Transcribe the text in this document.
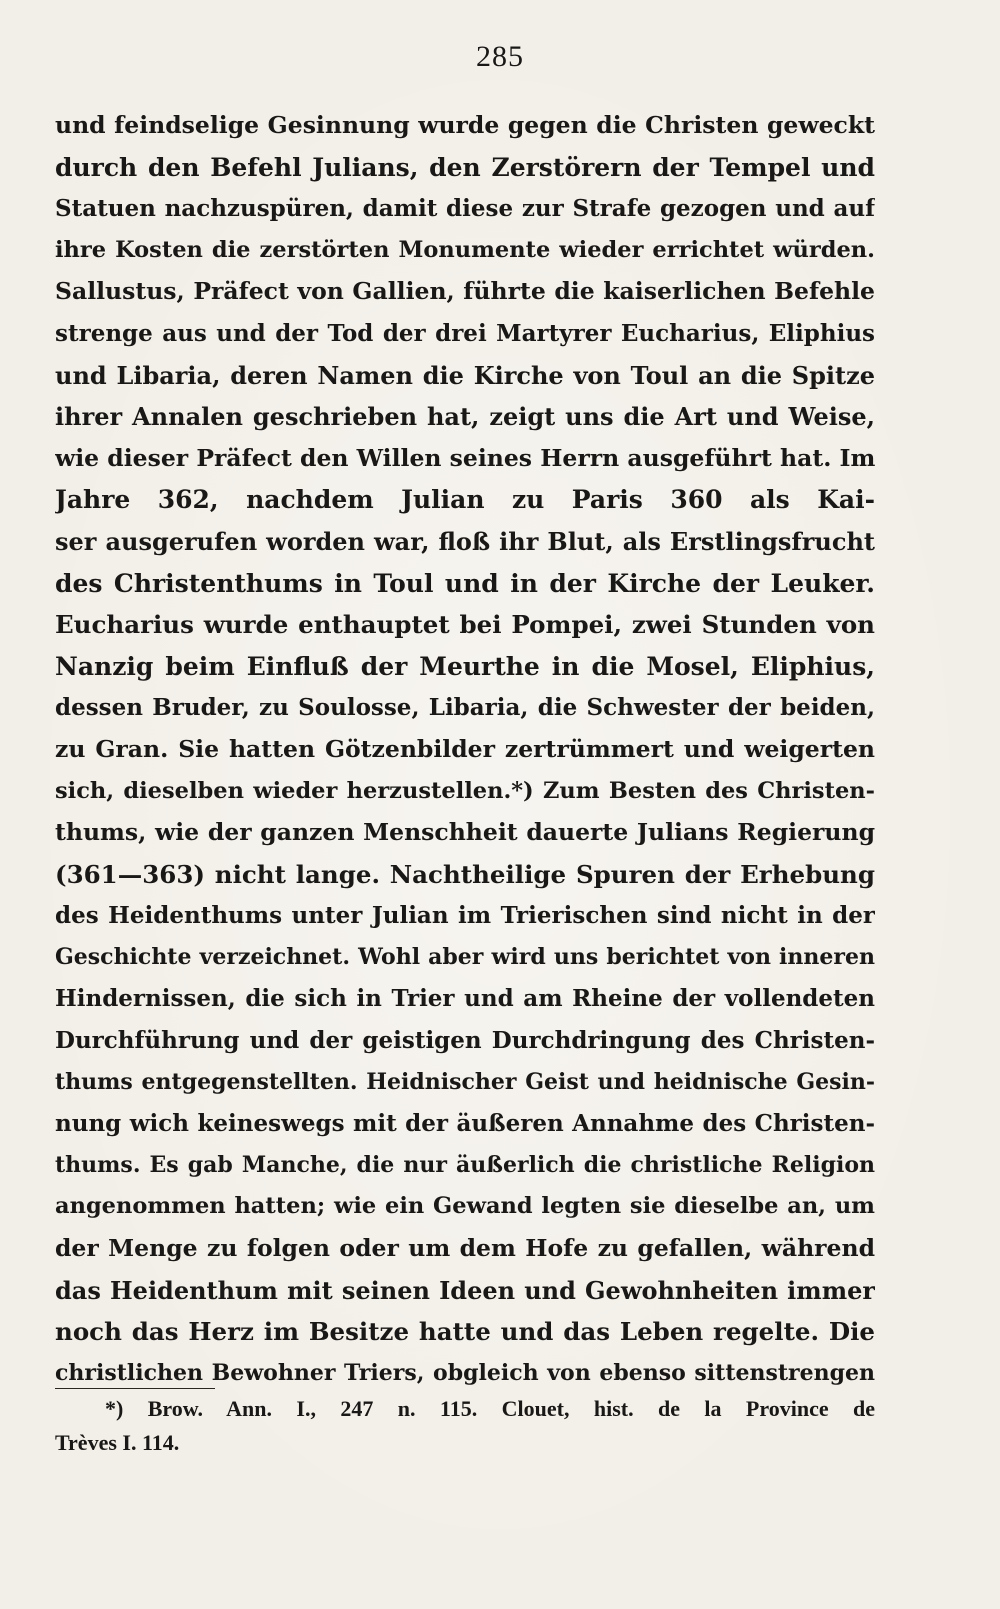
285
und feindselige Gesinnung wurde gegen die Christen geweckt
durch den Befehl Julians, den Zerstörern der Tempel und
Statuen nachzuspüren, damit diese zur Strafe gezogen und auf
ihre Kosten die zerstörten Monumente wieder errichtet würden.
Sallustus, Präfect von Gallien, führte die kaiserlichen Befehle
strenge aus und der Tod der drei Martyrer Eucharius, Eliphius
und Libaria, deren Namen die Kirche von Toul an die Spitze
ihrer Annalen geschrieben hat, zeigt uns die Art und Weise,
wie dieser Präfect den Willen seines Herrn ausgeführt hat. Im
Jahre 362, nachdem Julian zu Paris 360 als Kai-
ser ausgerufen worden war, floß ihr Blut, als Erstlingsfrucht
des Christenthums in Toul und in der Kirche der Leuker.
Eucharius wurde enthauptet bei Pompei, zwei Stunden von
Nanzig beim Einfluß der Meurthe in die Mosel, Eliphius,
dessen Bruder, zu Soulosse, Libaria, die Schwester der beiden,
zu Gran. Sie hatten Götzenbilder zertrümmert und weigerten
sich, dieselben wieder herzustellen.*) Zum Besten des Christen-
thums, wie der ganzen Menschheit dauerte Julians Regierung
(361—363) nicht lange. Nachtheilige Spuren der Erhebung
des Heidenthums unter Julian im Trierischen sind nicht in der
Geschichte verzeichnet. Wohl aber wird uns berichtet von inneren
Hindernissen, die sich in Trier und am Rheine der vollendeten
Durchführung und der geistigen Durchdringung des Christen-
thums entgegenstellten. Heidnischer Geist und heidnische Gesin-
nung wich keineswegs mit der äußeren Annahme des Christen-
thums. Es gab Manche, die nur äußerlich die christliche Religion
angenommen hatten; wie ein Gewand legten sie dieselbe an, um
der Menge zu folgen oder um dem Hofe zu gefallen, während
das Heidenthum mit seinen Ideen und Gewohnheiten immer
noch das Herz im Besitze hatte und das Leben regelte. Die
christlichen Bewohner Triers, obgleich von ebenso sittenstrengen
*) Brow. Ann. I., 247 n. 115. Clouet, hist. de la Province de
Trèves I. 114.
